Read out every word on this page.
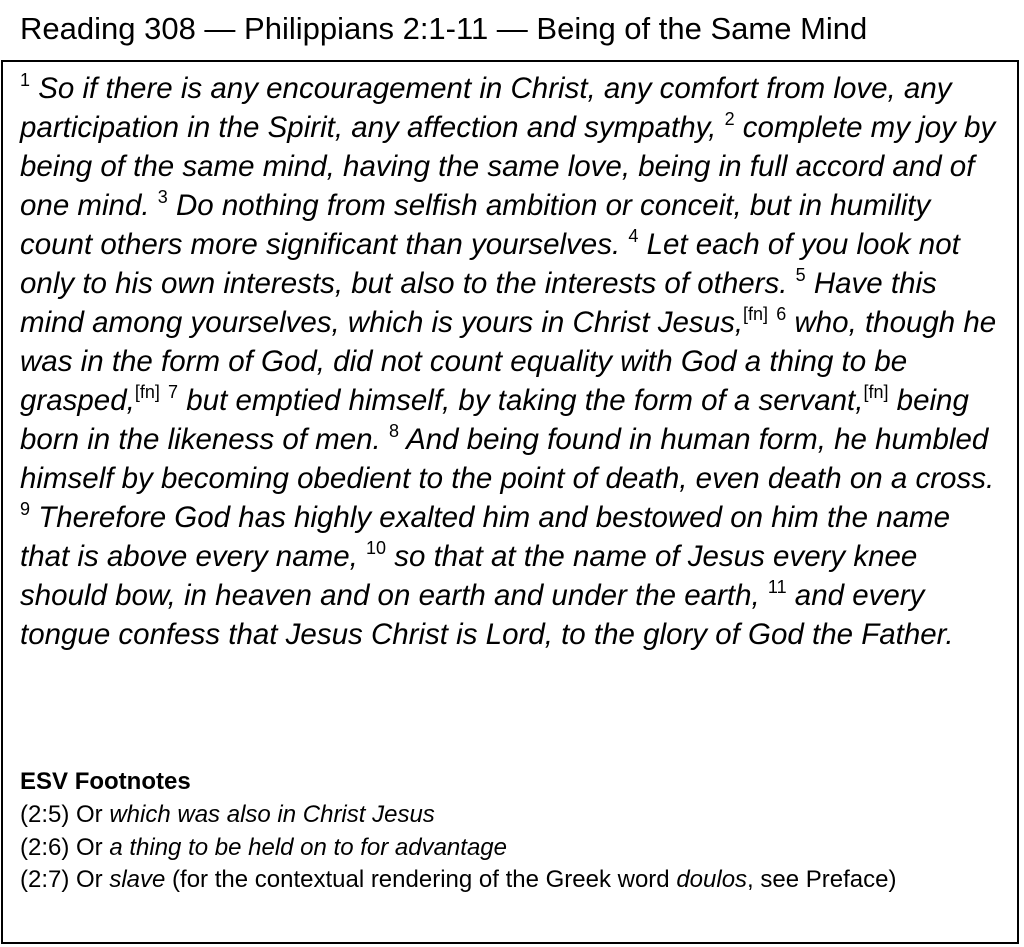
Reading 308 — Philippians 2:1-11 — Being of the Same Mind
$^1$ So if there is any encouragement in Christ, any comfort from love, any participation in the Spirit, any affection and sympathy, $^2$ complete my joy by being of the same mind, having the same love, being in full accord and of one mind. $^3$ Do nothing from selfish ambition or conceit, but in humility count others more significant than yourselves. $^4$ Let each of you look not only to his own interests, but also to the interests of others. $^5$ Have this mind among yourselves, which is yours in Christ Jesus,[fn] $^6$ who, though he was in the form of God, did not count equality with God a thing to be grasped,[fn] $^7$ but emptied himself, by taking the form of a servant,[fn] being born in the likeness of men. $^8$ And being found in human form, he humbled himself by becoming obedient to the point of death, even death on a cross. $^9$ Therefore God has highly exalted him and bestowed on him the name that is above every name, $^{10}$ so that at the name of Jesus every knee should bow, in heaven and on earth and under the earth, $^{11}$ and every tongue confess that Jesus Christ is Lord, to the glory of God the Father.
ESV Footnotes
(2:5) Or which was also in Christ Jesus
(2:6) Or a thing to be held on to for advantage
(2:7) Or slave (for the contextual rendering of the Greek word doulos, see Preface)
